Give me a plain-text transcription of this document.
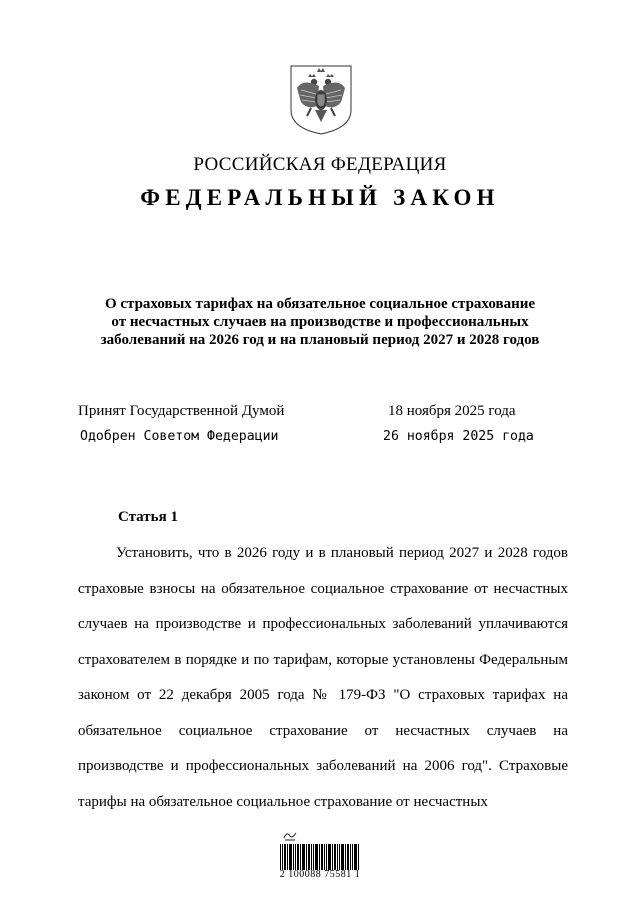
РОССИЙСКАЯ ФЕДЕРАЦИЯ
ФЕДЕРАЛЬНЫЙ ЗАКОН
О страховых тарифах на обязательное социальное страхование
от несчастных случаев на производстве и профессиональных
заболеваний на 2026 год и на плановый период 2027 и 2028 годов
Принят Государственной Думой	18 ноября 2025 года
Одобрен Советом Федерации	26 ноября 2025 года
Статья 1

Установить, что в 2026 году и в плановый период 2027 и 2028 годов страховые взносы на обязательное социальное страхование от несчастных случаев на производстве и профессиональных заболеваний уплачиваются страхователем в порядке и по тарифам, которые установлены Федеральным законом от 22 декабря 2005 года № 179-ФЗ "О страховых тарифах на обязательное социальное страхование от несчастных случаев на производстве и профессиональных заболеваний на 2006 год". Страховые тарифы на обязательное социальное страхование от несчастных

2 100088 75581 1
